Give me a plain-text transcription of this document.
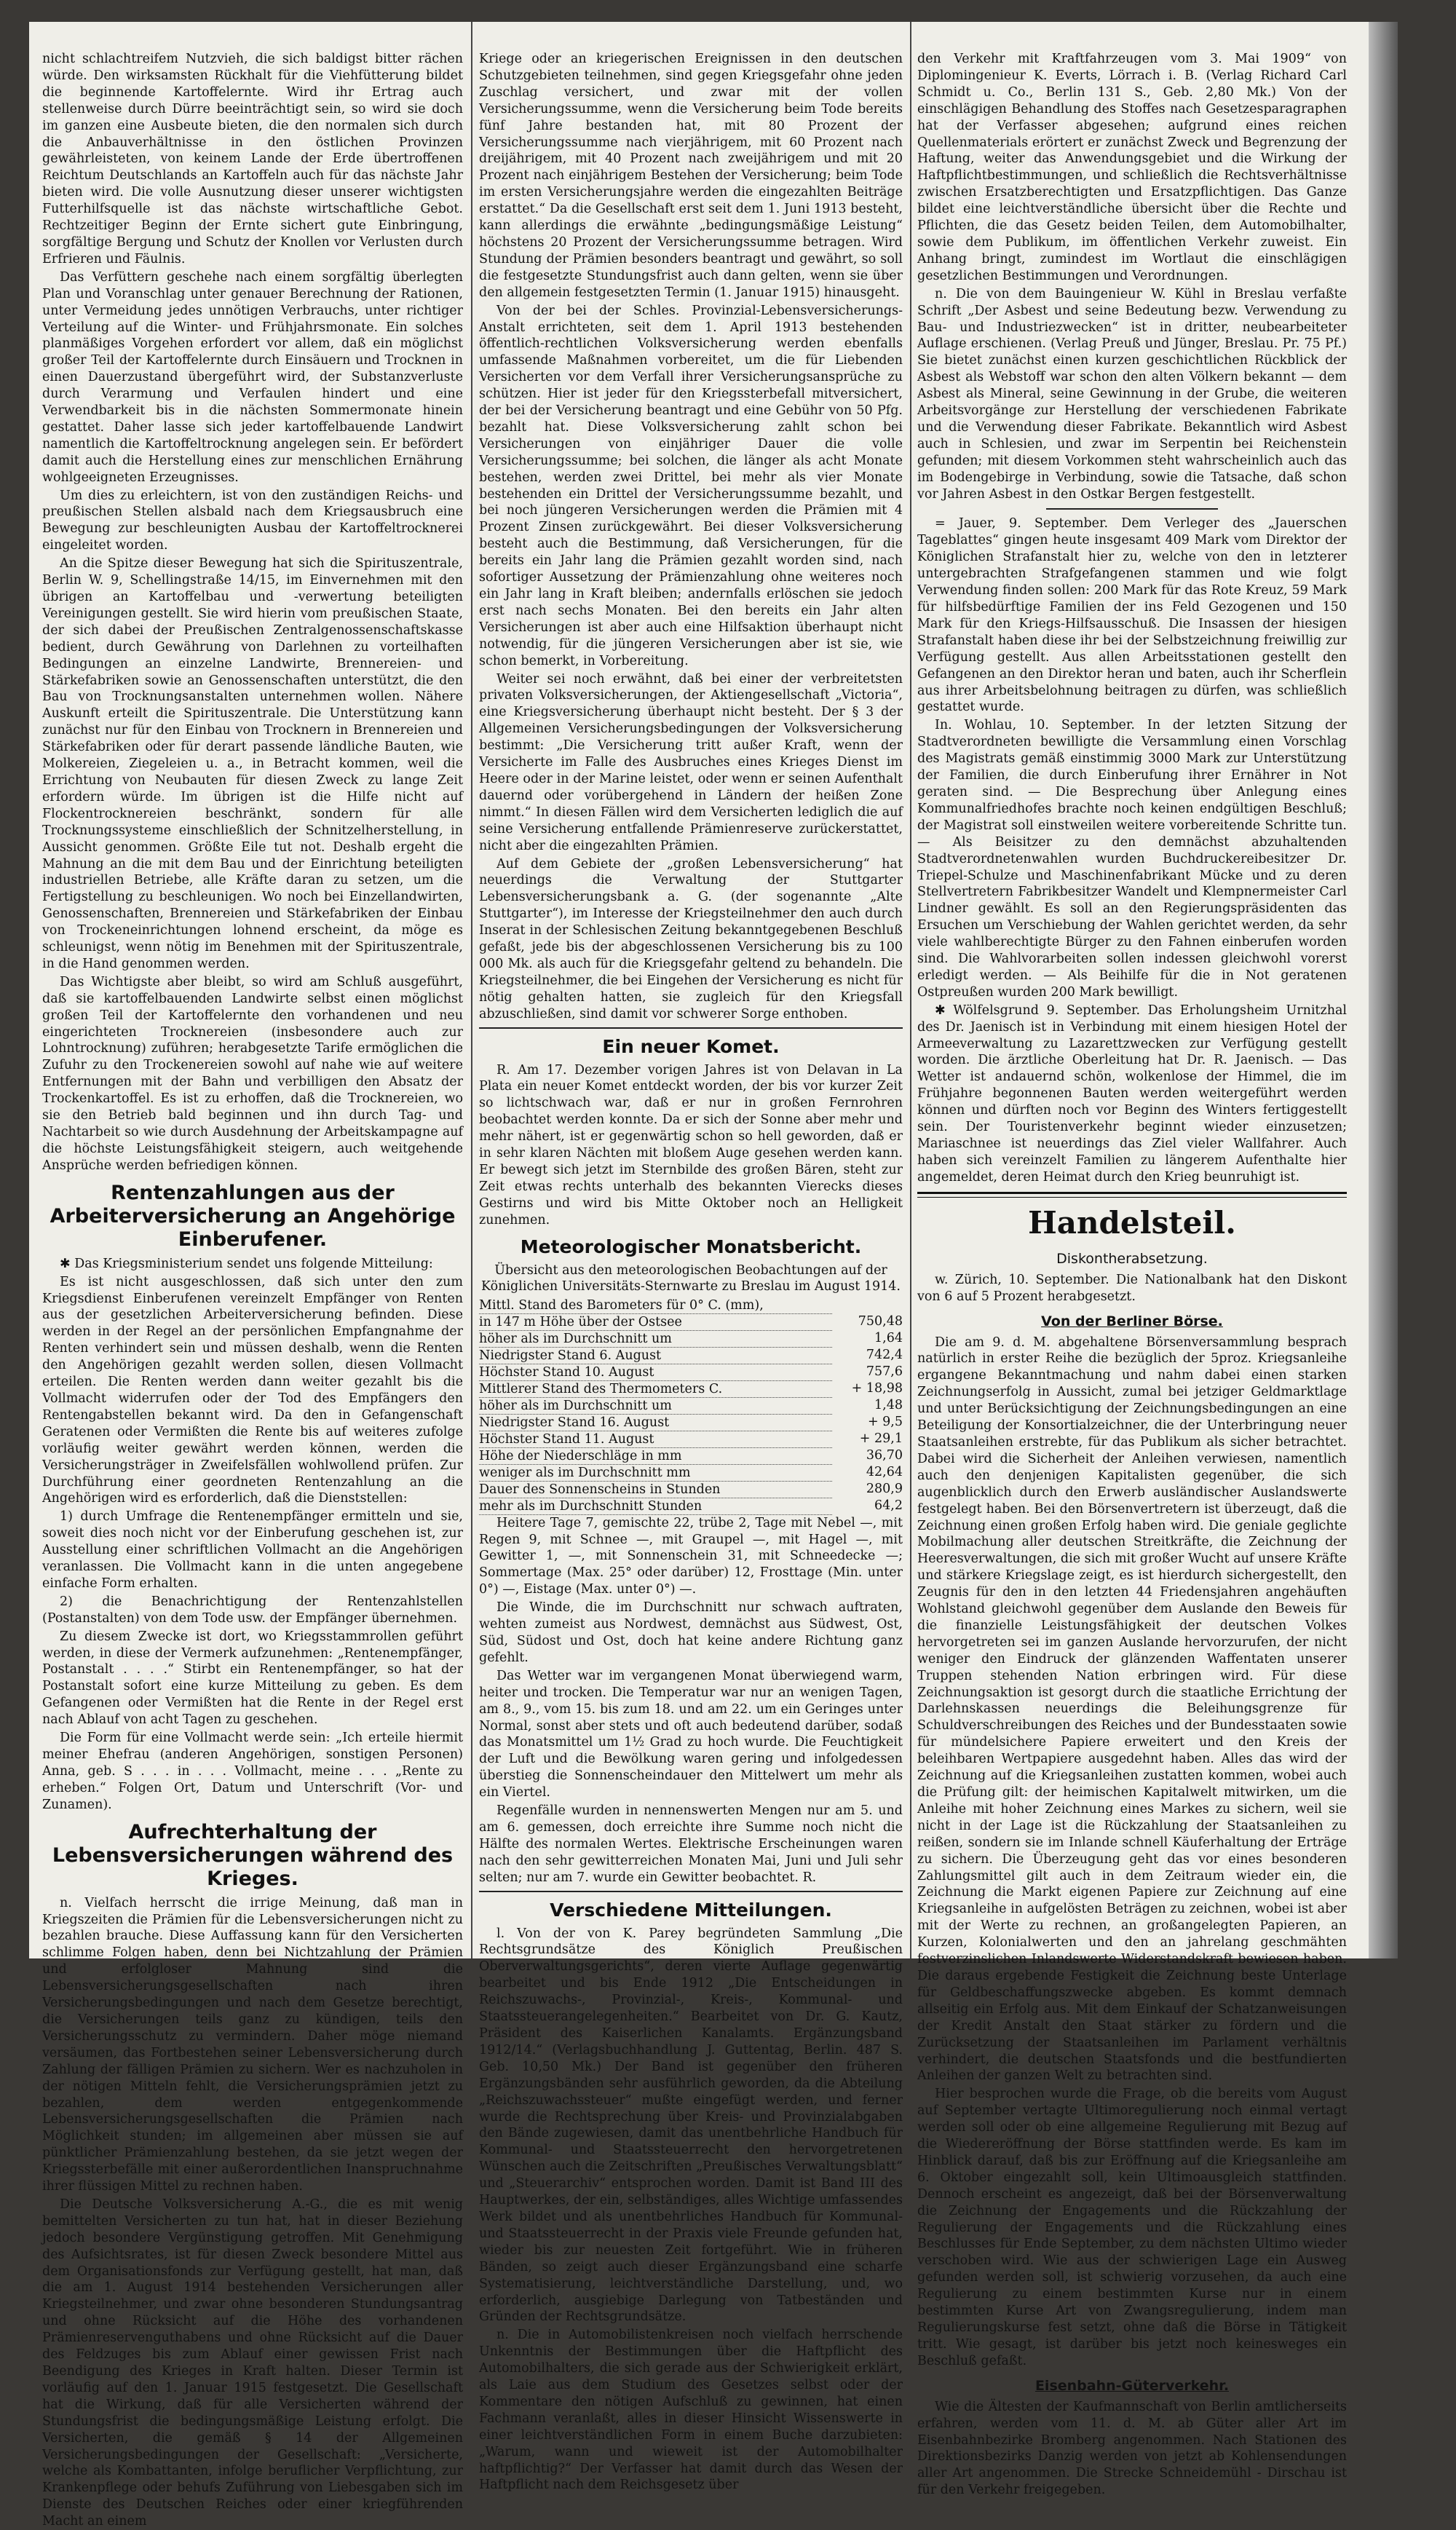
nicht schlachtreifem Nutzvieh, die sich baldigst bitter rächen würde. Den wirksamsten Rückhalt für die Viehfütterung bildet die beginnende Kartoffelernte. Wird ihr Ertrag auch stellenweise durch Dürre beeinträchtigt sein, so wird sie doch im ganzen eine Ausbeute bieten, die den normalen sich durch die Anbauverhältnisse in den östlichen Provinzen gewährleisteten, von keinem Lande der Erde übertroffenen Reichtum Deutschlands an Kartoffeln auch für das nächste Jahr bieten wird. Die volle Ausnutzung dieser unserer wichtigsten Futterhilfsquelle ist das nächste wirtschaftliche Gebot. Rechtzeitiger Beginn der Ernte sichert gute Einbringung, sorgfältige Bergung und Schutz der Knollen vor Verlusten durch Erfrieren und Fäulnis.

Das Verfüttern geschehe nach einem sorgfältig überlegten Plan und Voranschlag unter genauer Berechnung der Rationen, unter Vermeidung jedes unnötigen Verbrauchs, unter richtiger Verteilung auf die Winter- und Frühjahrsmonate. Ein solches planmäßiges Vorgehen erfordert vor allem, daß ein möglichst großer Teil der Kartoffelernte durch Einsäuern und Trocknen in einen Dauerzustand übergeführt wird, der Substanzverluste durch Verarmung und Verfaulen hindert und eine Verwendbarkeit bis in die nächsten Sommermonate hinein gestattet. Daher lasse sich jeder kartoffelbauende Landwirt namentlich die Kartoffeltrocknung angelegen sein. Er befördert damit auch die Herstellung eines zur menschlichen Ernährung wohlgeeigneten Erzeugnisses.

Um dies zu erleichtern, ist von den zuständigen Reichs- und preußischen Stellen alsbald nach dem Kriegsausbruch eine Bewegung zur beschleunigten Ausbau der Kartoffeltrocknerei eingeleitet worden.

An die Spitze dieser Bewegung hat sich die Spirituszentrale, Berlin W. 9, Schellingstraße 14/15, im Einvernehmen mit den übrigen an Kartoffelbau und -verwertung beteiligten Vereinigungen gestellt. Sie wird hierin vom preußischen Staate, der sich dabei der Preußischen Zentralgenossenschaftskasse bedient, durch Gewährung von Darlehnen zu vorteilhaften Bedingungen an einzelne Landwirte, Brennereien- und Stärkefabriken sowie an Genossenschaften unterstützt, die den Bau von Trocknungsanstalten unternehmen wollen. Nähere Auskunft erteilt die Spirituszentrale. Die Unterstützung kann zunächst nur für den Einbau von Trocknern in Brennereien und Stärkefabriken oder für derart passende ländliche Bauten, wie Molkereien, Ziegeleien u. a., in Betracht kommen, weil die Errichtung von Neubauten für diesen Zweck zu lange Zeit erfordern würde. Im übrigen ist die Hilfe nicht auf Flockentrocknereien beschränkt, sondern für alle Trocknungssysteme einschließlich der Schnitzelherstellung, in Aussicht genommen. Größte Eile tut not. Deshalb ergeht die Mahnung an die mit dem Bau und der Einrichtung beteiligten industriellen Betriebe, alle Kräfte daran zu setzen, um die Fertigstellung zu beschleunigen. Wo noch bei Einzellandwirten, Genossenschaften, Brennereien und Stärkefabriken der Einbau von Trockeneinrichtungen lohnend erscheint, da möge es schleunigst, wenn nötig im Benehmen mit der Spirituszentrale, in die Hand genommen werden.

Das Wichtigste aber bleibt, so wird am Schluß ausgeführt, daß sie kartoffelbauenden Landwirte selbst einen möglichst großen Teil der Kartoffelernte den vorhandenen und neu eingerichteten Trocknereien (insbesondere auch zur Lohntrocknung) zuführen; herabgesetzte Tarife ermöglichen die Zufuhr zu den Trockenereien sowohl auf nahe wie auf weitere Entfernungen mit der Bahn und verbilligen den Absatz der Trockenkartoffel. Es ist zu erhoffen, daß die Trocknereien, wo sie den Betrieb bald beginnen und ihn durch Tag- und Nachtarbeit so wie durch Ausdehnung der Arbeitskampagne auf die höchste Leistungsfähigkeit steigern, auch weitgehende Ansprüche werden befriedigen können.

Rentenzahlungen aus der Arbeiterversicherung an Angehörige Einberufener.

✱ Das Kriegsministerium sendet uns folgende Mitteilung:

Es ist nicht ausgeschlossen, daß sich unter den zum Kriegsdienst Einberufenen vereinzelt Empfänger von Renten aus der gesetzlichen Arbeiterversicherung befinden. Diese werden in der Regel an der persönlichen Empfangnahme der Renten verhindert sein und müssen deshalb, wenn die Renten den Angehörigen gezahlt werden sollen, diesen Vollmacht erteilen. Die Renten werden dann weiter gezahlt bis die Vollmacht widerrufen oder der Tod des Empfängers den Rentengabstellen bekannt wird. Da den in Gefangenschaft Geratenen oder Vermißten die Rente bis auf weiteres zufolge vorläufig weiter gewährt werden können, werden die Versicherungsträger in Zweifelsfällen wohlwollend prüfen. Zur Durchführung einer geordneten Rentenzahlung an die Angehörigen wird es erforderlich, daß die Dienststellen:

1) durch Umfrage die Rentenempfänger ermitteln und sie, soweit dies noch nicht vor der Einberufung geschehen ist, zur Ausstellung einer schriftlichen Vollmacht an die Angehörigen veranlassen. Die Vollmacht kann in die unten angegebene einfache Form erhalten.

2) die Benachrichtigung der Rentenzahlstellen (Postanstalten) von dem Tode usw. der Empfänger übernehmen.

Zu diesem Zwecke ist dort, wo Kriegsstammrollen geführt werden, in diese der Vermerk aufzunehmen: „Rentenempfänger, Postanstalt . . . .“ Stirbt ein Rentenempfänger, so hat der Postanstalt sofort eine kurze Mitteilung zu geben. Es dem Gefangenen oder Vermißten hat die Rente in der Regel erst nach Ablauf von acht Tagen zu geschehen.

Die Form für eine Vollmacht werde sein: „Ich erteile hiermit meiner Ehefrau (anderen Angehörigen, sonstigen Personen) Anna, geb. S . . . in . . . Vollmacht, meine . . . „Rente zu erheben.“ Folgen Ort, Datum und Unterschrift (Vor- und Zunamen).

Aufrechterhaltung der Lebensversicherungen während des Krieges.

n. Vielfach herrscht die irrige Meinung, daß man in Kriegszeiten die Prämien für die Lebensversicherungen nicht zu bezahlen brauche. Diese Auffassung kann für den Versicherten schlimme Folgen haben, denn bei Nichtzahlung der Prämien und erfolgloser Mahnung sind die Lebensversicherungsgesellschaften nach ihren Versicherungsbedingungen und nach dem Gesetze berechtigt, die Versicherungen teils ganz zu kündigen, teils den Versicherungsschutz zu vermindern. Daher möge niemand versäumen, das Fortbestehen seiner Lebensversicherung durch Zahlung der fälligen Prämien zu sichern. Wer es nachzuholen in der nötigen Mitteln fehlt, die Versicherungsprämien jetzt zu bezahlen, dem werden entgegenkommende Lebensversicherungsgesellschaften die Prämien nach Möglichkeit stunden; im allgemeinen aber müssen sie auf pünktlicher Prämienzahlung bestehen, da sie jetzt wegen der Kriegssterbefälle mit einer außerordentlichen Inanspruchnahme ihrer flüssigen Mittel zu rechnen haben.

Die Deutsche Volksversicherung A.-G., die es mit wenig bemittelten Versicherten zu tun hat, hat in dieser Beziehung jedoch besondere Vergünstigung getroffen. Mit Genehmigung des Aufsichtsrates, ist für diesen Zweck besondere Mittel aus dem Organisationsfonds zur Verfügung gestellt, hat man, daß die am 1. August 1914 bestehenden Versicherungen aller Kriegsteilnehmer, und zwar ohne besonderen Stundungsantrag und ohne Rücksicht auf die Höhe des vorhandenen Prämienreservenguthabens und ohne Rücksicht auf die Dauer des Feldzuges bis zum Ablauf einer gewissen Frist nach Beendigung des Krieges in Kraft halten. Dieser Termin ist vorläufig auf den 1. Januar 1915 festgesetzt. Die Gesellschaft hat die Wirkung, daß für alle Versicherten während der Stundungsfrist die bedingungsmäßige Leistung erfolgt. Die Versicherten, die gemäß § 14 der Allgemeinen Versicherungsbedingungen der Gesellschaft: „Versicherte, welche als Kombattanten, infolge beruflicher Verpflichtung, zur Krankenpflege oder behufs Zuführung von Liebesgaben sich im Dienste des Deutschen Reiches oder einer kriegführenden Macht an einem

Kriege oder an kriegerischen Ereignissen in den deutschen Schutzgebieten teilnehmen, sind gegen Kriegsgefahr ohne jeden Zuschlag versichert, und zwar mit der vollen Versicherungssumme, wenn die Versicherung beim Tode bereits fünf Jahre bestanden hat, mit 80 Prozent der Versicherungssumme nach vierjährigem, mit 60 Prozent nach dreijährigem, mit 40 Prozent nach zweijährigem und mit 20 Prozent nach einjährigem Bestehen der Versicherung; beim Tode im ersten Versicherungsjahre werden die eingezahlten Beiträge erstattet.“ Da die Gesellschaft erst seit dem 1. Juni 1913 besteht, kann allerdings die erwähnte „bedingungsmäßige Leistung“ höchstens 20 Prozent der Versicherungssumme betragen. Wird Stundung der Prämien besonders beantragt und gewährt, so soll die festgesetzte Stundungsfrist auch dann gelten, wenn sie über den allgemein festgesetzten Termin (1. Januar 1915) hinausgeht.

Von der bei der Schles. Provinzial-Lebensversicherungs-Anstalt errichteten, seit dem 1. April 1913 bestehenden öffentlich-rechtlichen Volksversicherung werden ebenfalls umfassende Maßnahmen vorbereitet, um die für Liebenden Versicherten vor dem Verfall ihrer Versicherungsansprüche zu schützen. Hier ist jeder für den Kriegssterbefall mitversichert, der bei der Versicherung beantragt und eine Gebühr von 50 Pfg. bezahlt hat. Diese Volksversicherung zahlt schon bei Versicherungen von einjähriger Dauer die volle Versicherungssumme; bei solchen, die länger als acht Monate bestehen, werden zwei Drittel, bei mehr als vier Monate bestehenden ein Drittel der Versicherungssumme bezahlt, und bei noch jüngeren Versicherungen werden die Prämien mit 4 Prozent Zinsen zurückgewährt. Bei dieser Volksversicherung besteht auch die Bestimmung, daß Versicherungen, für die bereits ein Jahr lang die Prämien gezahlt worden sind, nach sofortiger Aussetzung der Prämienzahlung ohne weiteres noch ein Jahr lang in Kraft bleiben; andernfalls erlöschen sie jedoch erst nach sechs Monaten. Bei den bereits ein Jahr alten Versicherungen ist aber auch eine Hilfsaktion überhaupt nicht notwendig, für die jüngeren Versicherungen aber ist sie, wie schon bemerkt, in Vorbereitung.

Weiter sei noch erwähnt, daß bei einer der verbreitetsten privaten Volksversicherungen, der Aktiengesellschaft „Victoria“, eine Kriegsversicherung überhaupt nicht besteht. Der § 3 der Allgemeinen Versicherungsbedingungen der Volksversicherung bestimmt: „Die Versicherung tritt außer Kraft, wenn der Versicherte im Falle des Ausbruches eines Krieges Dienst im Heere oder in der Marine leistet, oder wenn er seinen Aufenthalt dauernd oder vorübergehend in Ländern der heißen Zone nimmt.“ In diesen Fällen wird dem Versicherten lediglich die auf seine Versicherung entfallende Prämienreserve zurückerstattet, nicht aber die eingezahlten Prämien.

Auf dem Gebiete der „großen Lebensversicherung“ hat neuerdings die Verwaltung der Stuttgarter Lebensversicherungsbank a. G. (der sogenannte „Alte Stuttgarter“), im Interesse der Kriegsteilnehmer den auch durch Inserat in der Schlesischen Zeitung bekanntgegebenen Beschluß gefaßt, jede bis der abgeschlossenen Versicherung bis zu 100 000 Mk. als auch für die Kriegsgefahr geltend zu behandeln. Die Kriegsteilnehmer, die bei Eingehen der Versicherung es nicht für nötig gehalten hatten, sie zugleich für den Kriegsfall abzuschließen, sind damit vor schwerer Sorge enthoben.

Ein neuer Komet.

R. Am 17. Dezember vorigen Jahres ist von Delavan in La Plata ein neuer Komet entdeckt worden, der bis vor kurzer Zeit so lichtschwach war, daß er nur in großen Fernrohren beobachtet werden konnte. Da er sich der Sonne aber mehr und mehr nähert, ist er gegenwärtig schon so hell geworden, daß er in sehr klaren Nächten mit bloßem Auge gesehen werden kann. Er bewegt sich jetzt im Sternbilde des großen Bären, steht zur Zeit etwas rechts unterhalb des bekannten Vierecks dieses Gestirns und wird bis Mitte Oktober noch an Helligkeit zunehmen.

Meteorologischer Monatsbericht.
Übersicht aus den meteorologischen Beobachtungen auf der Königlichen Universitäts-Sternwarte zu Breslau im August 1914.
Mittl. Stand des Barometers für 0° C. (mm),	
in 147 m Höhe über der Ostsee	750,48
höher als im Durchschnitt um	1,64
Niedrigster Stand 6. August	742,4
Höchster Stand 10. August	757,6
Mittlerer Stand des Thermometers C.	+ 18,98
höher als im Durchschnitt um	1,48
Niedrigster Stand 16. August	+ 9,5
Höchster Stand 11. August	+ 29,1
Höhe der Niederschläge in mm	36,70
weniger als im Durchschnitt mm	42,64
Dauer des Sonnenscheins in Stunden	280,9
mehr als im Durchschnitt Stunden	64,2

Heitere Tage 7, gemischte 22, trübe 2, Tage mit Nebel —, mit Regen 9, mit Schnee —, mit Graupel —, mit Hagel —, mit Gewitter 1, —, mit Sonnenschein 31, mit Schneedecke —; Sommertage (Max. 25° oder darüber) 12, Frosttage (Min. unter 0°) —, Eistage (Max. unter 0°) —.

Die Winde, die im Durchschnitt nur schwach auftraten, wehten zumeist aus Nordwest, demnächst aus Südwest, Ost, Süd, Südost und Ost, doch hat keine andere Richtung ganz gefehlt.

Das Wetter war im vergangenen Monat überwiegend warm, heiter und trocken. Die Temperatur war nur an wenigen Tagen, am 8., 9., vom 15. bis zum 18. und am 22. um ein Geringes unter Normal, sonst aber stets und oft auch bedeutend darüber, sodaß das Monatsmittel um 1½ Grad zu hoch wurde. Die Feuchtigkeit der Luft und die Bewölkung waren gering und infolgedessen überstieg die Sonnenscheindauer den Mittelwert um mehr als ein Viertel.

Regenfälle wurden in nennenswerten Mengen nur am 5. und am 6. gemessen, doch erreichte ihre Summe noch nicht die Hälfte des normalen Wertes. Elektrische Erscheinungen waren nach den sehr gewitterreichen Monaten Mai, Juni und Juli sehr selten; nur am 7. wurde ein Gewitter beobachtet. R.

Verschiedene Mitteilungen.

l. Von der von K. Parey begründeten Sammlung „Die Rechtsgrundsätze des Königlich Preußischen Oberverwaltungsgerichts“, deren vierte Auflage gegenwärtig bearbeitet und bis Ende 1912 „Die Entscheidungen in Reichszuwachs-, Provinzial-, Kreis-, Kommunal- und Staatssteuerangelegenheiten.“ Bearbeitet von Dr. G. Kautz, Präsident des Kaiserlichen Kanalamts. Ergänzungsband 1912/14.“ (Verlagsbuchhandlung J. Guttentag, Berlin. 487 S. Geb. 10,50 Mk.) Der Band ist gegenüber den früheren Ergänzungsbänden sehr ausführlich geworden, da die Abteilung „Reichszuwachssteuer“ mußte eingefügt werden, und ferner wurde die Rechtsprechung über Kreis- und Provinzialabgaben den Bände zugewiesen, damit das unentbehrliche Handbuch für Kommunal- und Staatssteuerrecht den hervorgetretenen Wünschen auch die Zeitschriften „Preußisches Verwaltungsblatt“ und „Steuerarchiv“ entsprochen worden. Damit ist Band III des Hauptwerkes, der ein, selbständiges, alles Wichtige umfassendes Werk bildet und als unentbehrliches Handbuch für Kommunal- und Staatssteuerrecht in der Praxis viele Freunde gefunden hat, wieder bis zur neuesten Zeit fortgeführt. Wie in früheren Bänden, so zeigt auch dieser Ergänzungsband eine scharfe Systematisierung, leichtverständliche Darstellung, und, wo erforderlich, ausgiebige Darlegung von Tatbeständen und Gründen der Rechtsgrundsätze.

n. Die in Automobilistenkreisen noch vielfach herrschende Unkenntnis der Bestimmungen über die Haftpflicht des Automobilhalters, die sich gerade aus der Schwierigkeit erklärt, als Laie aus dem Studium des Gesetzes selbst oder der Kommentare den nötigen Aufschluß zu gewinnen, hat einen Fachmann veranlaßt, alles in dieser Hinsicht Wissenswerte in einer leichtverständlichen Form in einem Buche darzubieten: „Warum, wann und wieweit ist der Automobilhalter haftpflichtig?“ Der Verfasser hat damit durch das Wesen der Haftpflicht nach dem Reichsgesetz über

den Verkehr mit Kraftfahrzeugen vom 3. Mai 1909“ von Diplomingenieur K. Everts, Lörrach i. B. (Verlag Richard Carl Schmidt u. Co., Berlin 131 S., Geb. 2,80 Mk.) Von der einschlägigen Behandlung des Stoffes nach Gesetzesparagraphen hat der Verfasser abgesehen; aufgrund eines reichen Quellenmaterials erörtert er zunächst Zweck und Begrenzung der Haftung, weiter das Anwendungsgebiet und die Wirkung der Haftpflichtbestimmungen, und schließlich die Rechtsverhältnisse zwischen Ersatzberechtigten und Ersatzpflichtigen. Das Ganze bildet eine leichtverständliche übersicht über die Rechte und Pflichten, die das Gesetz beiden Teilen, dem Automobilhalter, sowie dem Publikum, im öffentlichen Verkehr zuweist. Ein Anhang bringt, zumindest im Wortlaut die einschlägigen gesetzlichen Bestimmungen und Verordnungen.

n. Die von dem Bauingenieur W. Kühl in Breslau verfaßte Schrift „Der Asbest und seine Bedeutung bezw. Verwendung zu Bau- und Industriezwecken“ ist in dritter, neubearbeiteter Auflage erschienen. (Verlag Preuß und Jünger, Breslau. Pr. 75 Pf.) Sie bietet zunächst einen kurzen geschichtlichen Rückblick der Asbest als Webstoff war schon den alten Völkern bekannt — dem Asbest als Mineral, seine Gewinnung in der Grube, die weiteren Arbeitsvorgänge zur Herstellung der verschiedenen Fabrikate und die Verwendung dieser Fabrikate. Bekanntlich wird Asbest auch in Schlesien, und zwar im Serpentin bei Reichenstein gefunden; mit diesem Vorkommen steht wahrscheinlich auch das im Bodengebirge in Verbindung, sowie die Tatsache, daß schon vor Jahren Asbest in den Ostkar Bergen festgestellt.

= Jauer, 9. September. Dem Verleger des „Jauerschen Tageblattes“ gingen heute insgesamt 409 Mark vom Direktor der Königlichen Strafanstalt hier zu, welche von den in letzterer untergebrachten Strafgefangenen stammen und wie folgt Verwendung finden sollen: 200 Mark für das Rote Kreuz, 59 Mark für hilfsbedürftige Familien der ins Feld Gezogenen und 150 Mark für den Kriegs-Hilfsausschuß. Die Insassen der hiesigen Strafanstalt haben diese ihr bei der Selbstzeichnung freiwillig zur Verfügung gestellt. Aus allen Arbeitsstationen gestellt den Gefangenen an den Direktor heran und baten, auch ihr Scherflein aus ihrer Arbeitsbelohnung beitragen zu dürfen, was schließlich gestattet wurde.

In. Wohlau, 10. September. In der letzten Sitzung der Stadtverordneten bewilligte die Versammlung einen Vorschlag des Magistrats gemäß einstimmig 3000 Mark zur Unterstützung der Familien, die durch Einberufung ihrer Ernährer in Not geraten sind. — Die Besprechung über Anlegung eines Kommunalfriedhofes brachte noch keinen endgültigen Beschluß; der Magistrat soll einstweilen weitere vorbereitende Schritte tun. — Als Beisitzer zu den demnächst abzuhaltenden Stadtverordnetenwahlen wurden Buchdruckereibesitzer Dr. Triepel-Schulze und Maschinenfabrikant Mücke und zu deren Stellvertretern Fabrikbesitzer Wandelt und Klempnermeister Carl Lindner gewählt. Es soll an den Regierungspräsidenten das Ersuchen um Verschiebung der Wahlen gerichtet werden, da sehr viele wahlberechtigte Bürger zu den Fahnen einberufen worden sind. Die Wahlvorarbeiten sollen indessen gleichwohl vorerst erledigt werden. — Als Beihilfe für die in Not geratenen Ostpreußen wurden 200 Mark bewilligt.

✱ Wölfelsgrund 9. September. Das Erholungsheim Urnitzhal des Dr. Jaenisch ist in Verbindung mit einem hiesigen Hotel der Armeeverwaltung zu Lazarettzwecken zur Verfügung gestellt worden. Die ärztliche Oberleitung hat Dr. R. Jaenisch. — Das Wetter ist andauernd schön, wolkenlose der Himmel, die im Frühjahre begonnenen Bauten werden weitergeführt werden können und dürften noch vor Beginn des Winters fertiggestellt sein. Der Touristenverkehr beginnt wieder einzusetzen; Mariaschnee ist neuerdings das Ziel vieler Wallfahrer. Auch haben sich vereinzelt Familien zu längerem Aufenthalte hier angemeldet, deren Heimat durch den Krieg beunruhigt ist.

Handelsteil.
Diskontherabsetzung.

w. Zürich, 10. September. Die Nationalbank hat den Diskont von 6 auf 5 Prozent herabgesetzt.

Von der Berliner Börse.

Die am 9. d. M. abgehaltene Börsenversammlung besprach natürlich in erster Reihe die bezüglich der 5proz. Kriegsanleihe ergangene Bekanntmachung und nahm dabei einen starken Zeichnungserfolg in Aussicht, zumal bei jetziger Geldmarktlage und unter Berücksichtigung der Zeichnungsbedingungen an eine Beteiligung der Konsortialzeichner, die der Unterbringung neuer Staatsanleihen erstrebte, für das Publikum als sicher betrachtet. Dabei wird die Sicherheit der Anleihen verwiesen, namentlich auch den denjenigen Kapitalisten gegenüber, die sich augenblicklich durch den Erwerb ausländischer Auslandswerte festgelegt haben. Bei den Börsenvertretern ist überzeugt, daß die Zeichnung einen großen Erfolg haben wird. Die geniale geglichte Mobilmachung aller deutschen Streitkräfte, die Zeichnung der Heeresverwaltungen, die sich mit großer Wucht auf unsere Kräfte und stärkere Kriegslage zeigt, es ist hierdurch sichergestellt, den Zeugnis für den in den letzten 44 Friedensjahren angehäuften Wohlstand gleichwohl gegenüber dem Auslande den Beweis für die finanzielle Leistungsfähigkeit der deutschen Volkes hervorgetreten sei im ganzen Auslande hervorzurufen, der nicht weniger den Eindruck der glänzenden Waffentaten unserer Truppen stehenden Nation erbringen wird. Für diese Zeichnungsaktion ist gesorgt durch die staatliche Errichtung der Darlehnskassen neuerdings die Beleihungsgrenze für Schuldverschreibungen des Reiches und der Bundesstaaten sowie für mündelsichere Papiere erweitert und den Kreis der beleihbaren Wertpapiere ausgedehnt haben. Alles das wird der Zeichnung auf die Kriegsanleihen zustatten kommen, wobei auch die Prüfung gilt: der heimischen Kapitalwelt mitwirken, um die Anleihe mit hoher Zeichnung eines Markes zu sichern, weil sie nicht in der Lage ist die Rückzahlung der Staatsanleihen zu reißen, sondern sie im Inlande schnell Käuferhaltung der Erträge zu sichern. Die Überzeugung geht das vor eines besonderen Zahlungsmittel gilt auch in dem Zeitraum wieder ein, die Zeichnung die Markt eigenen Papiere zur Zeichnung auf eine Kriegsanleihe in aufgelösten Beträgen zu zeichnen, wobei ist aber mit der Werte zu rechnen, an großangelegten Papieren, an Kurzen, Kolonialwerten und den an jahrelang geschmähten festverzinslichen Inlandswerte Widerstandskraft bewiesen haben. Die daraus ergebende Festigkeit die Zeichnung beste Unterlage für Geldbeschaffungszwecke abgeben. Es kommt demnach allseitig ein Erfolg aus. Mit dem Einkauf der Schatzanweisungen der Kredit Anstalt den Staat stärker zu fördern und die Zurücksetzung der Staatsanleihen im Parlament verhältnis verhindert, die deutschen Staatsfonds und die bestfundierten Anleihen der ganzen Welt zu betrachten sind.

Hier besprochen wurde die Frage, ob die bereits vom August auf September vertagte Ultimoregulierung noch einmal vertagt werden soll oder ob eine allgemeine Regulierung mit Bezug auf die Wiedereröffnung der Börse stattfinden werde. Es kam im Hinblick darauf, daß bis zur Eröffnung auf die Kriegsanleihe am 6. Oktober eingezahlt soll, kein Ultimoausgleich stattfinden. Dennoch erscheint es angezeigt, daß bei der Börsenverwaltung die Zeichnung der Engagements und die Rückzahlung der Regulierung der Engagements und die Rückzahlung eines Beschlusses für Ende September, zu dem nächsten Ultimo wieder verschoben wird. Wie aus der schwierigen Lage ein Ausweg gefunden werden soll, ist schwierig vorzusehen, da auch eine Regulierung zu einem bestimmten Kurse nur in einem bestimmten Kurse Art von Zwangsregulierung, indem man Regulierungskurse fest setzt, ohne daß die Börse in Tätigkeit tritt. Wie gesagt, ist darüber bis jetzt noch keinesweges ein Beschluß gefaßt.

Eisenbahn-Güterverkehr.

Wie die Ältesten der Kaufmannschaft von Berlin amtlicherseits erfahren, werden vom 11. d. M. ab Güter aller Art im Eisenbahnbezirke Bromberg angenommen. Nach Stationen des Direktionsbezirks Danzig werden von jetzt ab Kohlensendungen aller Art angenommen. Die Strecke Schneidemühl - Dirschau ist für den Verkehr freigegeben.
